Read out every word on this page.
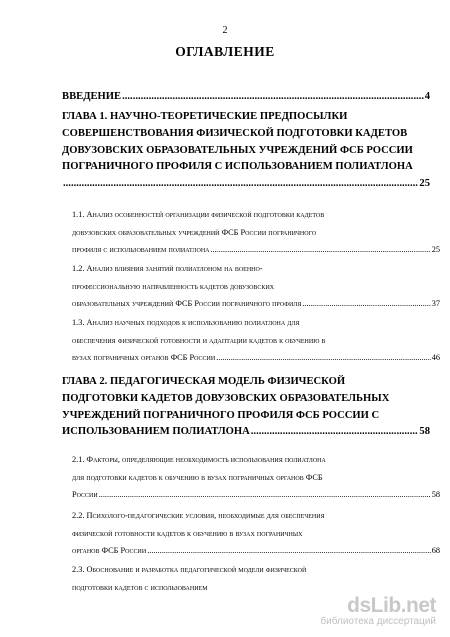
2
ОГЛАВЛЕНИЕ
ВВЕДЕНИЕ .....	4
ГЛАВА 1. НАУЧНО-ТЕОРЕТИЧЕСКИЕ ПРЕДПОСЫЛКИ
СОВЕРШЕНСТВОВАНИЯ ФИЗИЧЕСКОЙ ПОДГОТОВКИ КАДЕТОВ
ДОВУЗОВСКИХ ОБРАЗОВАТЕЛЬНЫХ УЧРЕЖДЕНИЙ ФСБ РОССИИ
ПОГРАНИЧНОГО ПРОФИЛЯ С ИСПОЛЬЗОВАНИЕМ ПОЛИАТЛОНА
.....
25
1.1. Анализ особенностей организации физической подготовки кадетов
довузовских образовательных учреждений ФСБ России пограничного
профиля с использованием полиатлона .....	25
1.2. Анализ влияния занятий полиатлоном на военно-
профессиональную направленность кадетов довузовских
образовательных учреждений ФСБ России пограничного профиля .....	37
1.3. Анализ научных подходов к использованию полиатлона для
обеспечения физической готовности и адаптации кадетов к обучению в
вузах пограничных органов ФСБ России .....	46
ГЛАВА 2. ПЕДАГОГИЧЕСКАЯ МОДЕЛЬ ФИЗИЧЕСКОЙ
ПОДГОТОВКИ КАДЕТОВ ДОВУЗОВСКИХ ОБРАЗОВАТЕЛЬНЫХ
УЧРЕЖДЕНИЙ ПОГРАНИЧНОГО ПРОФИЛЯ ФСБ РОССИИ С
ИСПОЛЬЗОВАНИЕМ ПОЛИАТЛОНА .....	58
2.1. Факторы, определяющие необходимость использования полиатлона
для подготовки кадетов к обучению в вузах пограничных органов ФСБ
России .....	58
2.2. Психолого-педагогические условия, необходимые для обеспечения
физической готовности кадетов к обучению в вузах пограничных
органов ФСБ России .....	68
2.3. Обоснование и разработка педагогической модели физической
подготовки кадетов с использованием
dsLib.net
библиотека диссертаций
